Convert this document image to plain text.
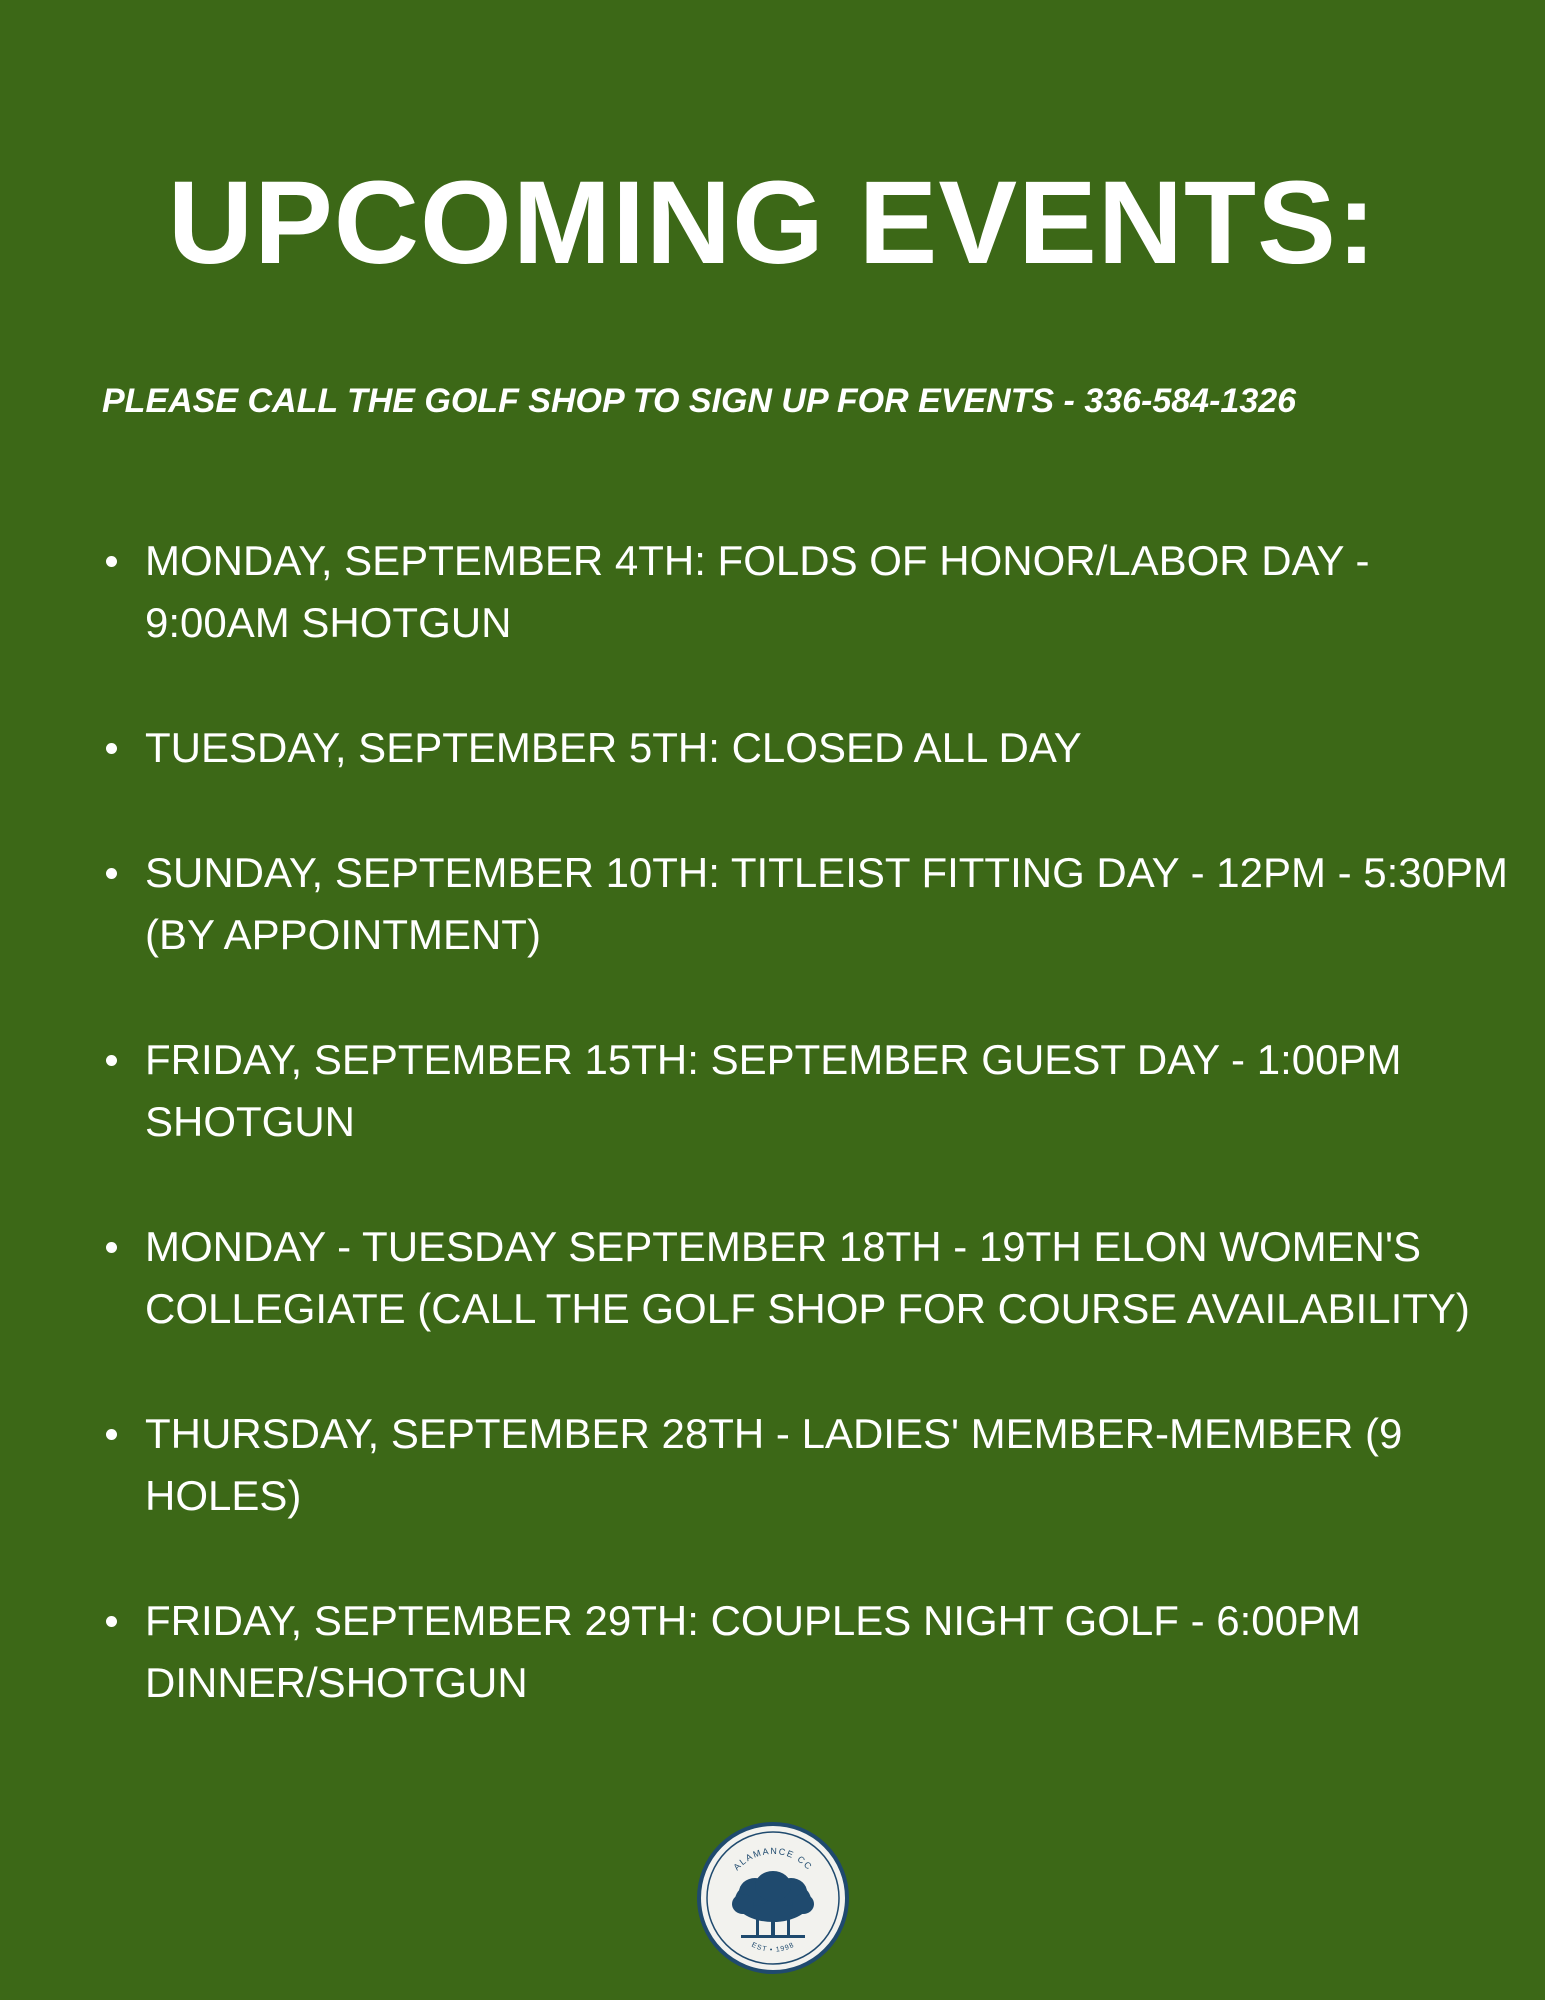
UPCOMING EVENTS:

PLEASE CALL THE GOLF SHOP TO SIGN UP FOR EVENTS - 336-584-1326

MONDAY, SEPTEMBER 4TH: FOLDS OF HONOR/LABOR DAY - 9:00AM SHOTGUN
TUESDAY, SEPTEMBER 5TH: CLOSED ALL DAY
SUNDAY, SEPTEMBER 10TH: TITLEIST FITTING DAY - 12PM - 5:30PM (BY APPOINTMENT)
FRIDAY, SEPTEMBER 15TH: SEPTEMBER GUEST DAY - 1:00PM SHOTGUN
MONDAY - TUESDAY SEPTEMBER 18TH - 19TH ELON WOMEN'S COLLEGIATE (CALL THE GOLF SHOP FOR COURSE AVAILABILITY)
THURSDAY, SEPTEMBER 28TH - LADIES' MEMBER-MEMBER (9 HOLES)
FRIDAY, SEPTEMBER 29TH: COUPLES NIGHT GOLF - 6:00PM DINNER/SHOTGUN
ALAMANCE CC
EST • 1998
